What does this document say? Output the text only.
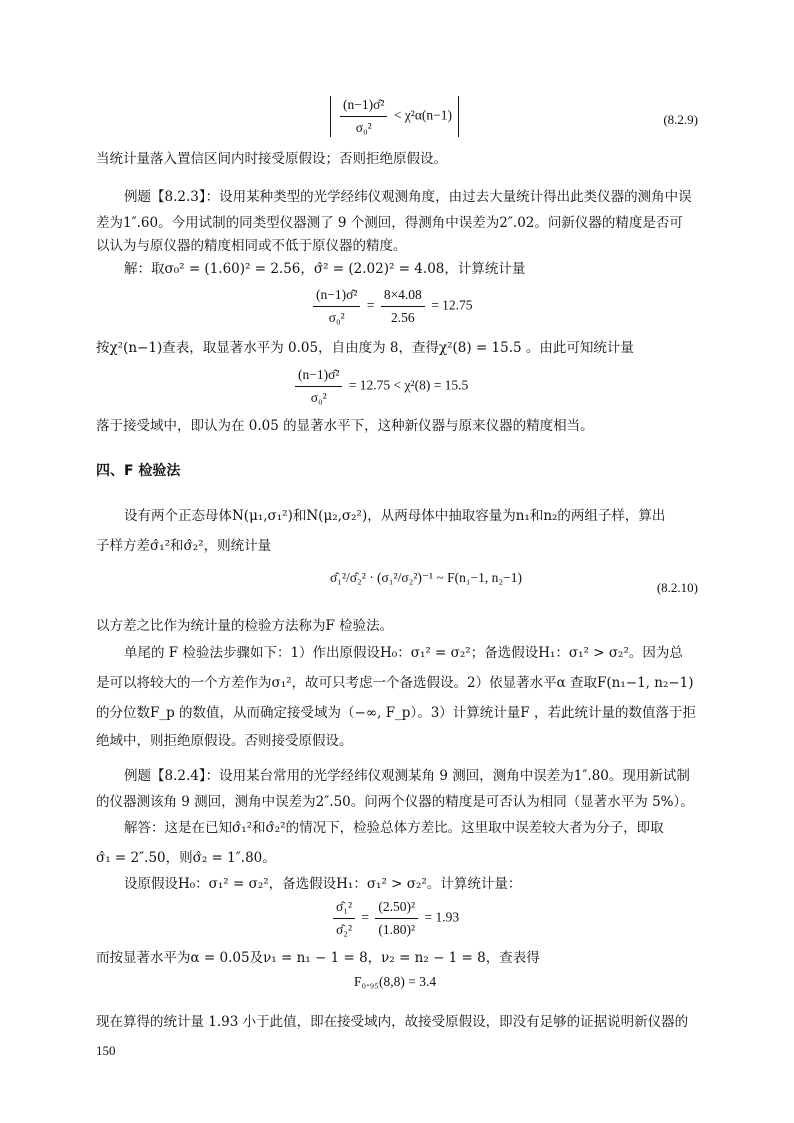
$\frac{\text{(n−1)σ̂²}}{\text{σ₀²}} < \chi^2\alpha(n-1)$	(8.2.9)
当统计量落入置信区间内时接受原假设；否则拒绝原假设。
例题【8.2.3】：设用某种类型的光学经纬仪观测角度，由过去大量统计得出此类仪器的测角中误
差为1″.60。今用试制的同类型仪器测了 9 个测回，得测角中误差为2″.02。问新仪器的精度是否可
以认为与原仪器的精度相同或不低于原仪器的精度。
解：取σ₀² = (1.60)² = 2.56，σ̂² = (2.02)² = 4.08，计算统计量
$\frac{\text{(n−1)σ̂²}}{\text{σ₀²}} = \frac{8\times 4.08}{2.56} = 12.75$
按χ²(n−1)查表，取显著水平为 0.05，自由度为 8，查得χ²(8) = 15.5 。由此可知统计量
$\frac{\text{(n−1)σ̂²}}{\text{σ₀²}} = 12.75 < \chi^2(8) = 15.5$
落于接受域中，即认为在 0.05 的显著水平下，这种新仪器与原来仪器的精度相当。
四、F 检验法
设有两个正态母体N(μ₁,σ₁²)和N(μ₂,σ₂²)，从两母体中抽取容量为n₁和n₂的两组子样，算出
子样方差σ̂₁²和σ̂₂²，则统计量
σ̂₁²/σ̂₂² · (σ₁²/σ₂²)⁻¹ ~ F(n₁−1, n₂−1)
(8.2.10)
以方差之比作为统计量的检验方法称为F 检验法。
单尾的 F 检验法步骤如下：1）作出原假设H₀：σ₁² = σ₂²；备选假设H₁：σ₁² > σ₂²。因为总
是可以将较大的一个方差作为σ₁²，故可只考虑一个备选假设。2）依显著水平α 查取F(n₁−1, n₂−1)
的分位数F_p 的数值，从而确定接受域为（−∞, F_p）。3）计算统计量F ，若此统计量的数值落于拒
绝域中，则拒绝原假设。否则接受原假设。
例题【8.2.4】：设用某台常用的光学经纬仪观测某角 9 测回，测角中误差为1″.80。现用新试制
的仪器测该角 9 测回，测角中误差为2″.50。问两个仪器的精度是可否认为相同（显著水平为 5%）。
解答：这是在已知σ̂₁²和σ̂₂²的情况下，检验总体方差比。这里取中误差较大者为分子，即取
σ̂₁ = 2″.50，则σ̂₂ = 1″.80。
设原假设H₀：σ₁² = σ₂²，备选假设H₁：σ₁² > σ₂²。计算统计量：
$\frac{\text{σ̂₁²}}{\text{σ̂₂²}} = \frac{\text{(2.50)²}}{\text{(1.80)²}} = 1.93$
而按显著水平为α = 0.05及ν₁ = n₁ − 1 = 8，ν₂ = n₂ − 1 = 8，查表得
F₀.₉₅(8,8) = 3.4
现在算得的统计量 1.93 小于此值，即在接受域内，故接受原假设，即没有足够的证据说明新仪器的
150
